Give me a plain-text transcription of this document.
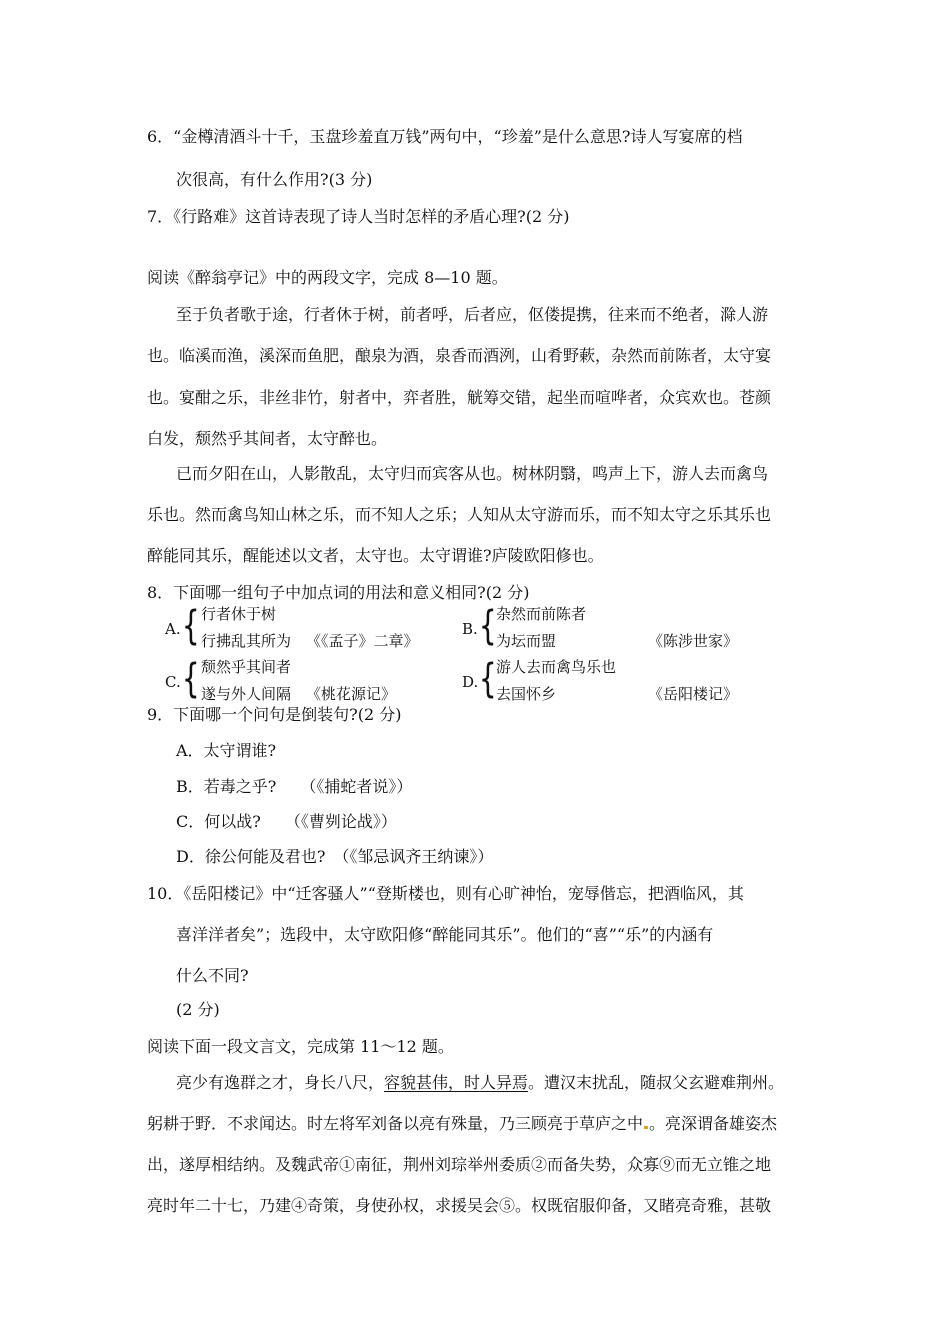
6．“金樽清酒斗十千，玉盘珍羞直万钱”两句中，“珍羞”是什么意思?诗人写宴席的档
次很高，有什么作用?(3 分)
7．《行路难》这首诗表现了诗人当时怎样的矛盾心理?(2 分)
阅读《醉翁亭记》中的两段文字，完成 8—10 题。
至于负者歌于途，行者休于树，前者呼，后者应，伛偻提携，往来而不绝者，滁人游
也。临溪而渔，溪深而鱼肥，酿泉为酒，泉香而酒洌，山肴野蔌，杂然而前陈者，太守宴
也。宴酣之乐，非丝非竹，射者中，弈者胜，觥筹交错，起坐而喧哗者，众宾欢也。苍颜
白发，颓然乎其间者，太守醉也。
已而夕阳在山，人影散乱，太守归而宾客从也。树林阴翳，鸣声上下，游人去而禽鸟
乐也。然而禽鸟知山林之乐，而不知人之乐；人知从太守游而乐，而不知太守之乐其乐也
醉能同其乐，醒能述以文者，太守也。太守谓谁?庐陵欧阳修也。
8．下面哪一组句子中加点词的用法和意义相同?(2 分)
A. { 行者休于树
行拂乱其所为 《《孟子》二章》
B. { 杂然而前陈者
为坛而盟	《陈涉世家》
C. { 颓然乎其间者
遂与外人间隔 《桃花源记》
D. { 游人去而禽鸟乐也
去国怀乡	《岳阳楼记》
9．下面哪一个问句是倒装句?(2 分)
A．太守谓谁?
B．若毒之乎?　　（《捕蛇者说》）
C．何以战?　　（《曹刿论战》）
D．徐公何能及君也?　（《邹忌讽齐王纳谏》）
10．《岳阳楼记》中“迁客骚人”“登斯楼也，则有心旷神怡，宠辱偕忘，把酒临风，其
喜洋洋者矣”；选段中，太守欧阳修“醉能同其乐”。他们的“喜”“乐”的内涵有
什么不同?
(2 分)
阅读下面一段文言文，完成第 11～12 题。
亮少有逸群之才，身长八尺，容貌甚伟，时人异焉。遭汉末扰乱，随叔父玄避难荆州。
躬耕于野．不求闻达。时左将军刘备以亮有殊量，乃三顾亮于草庐之中 。亮深谓备雄姿杰
出，遂厚相结纳。及魏武帝①南征，荆州刘琮举州委质②而备失势，众寡⑨而无立锥之地
亮时年二十七，乃建④奇策，身使孙权，求援吴会⑤。权既宿服仰备，又睹亮奇雅，甚敬
